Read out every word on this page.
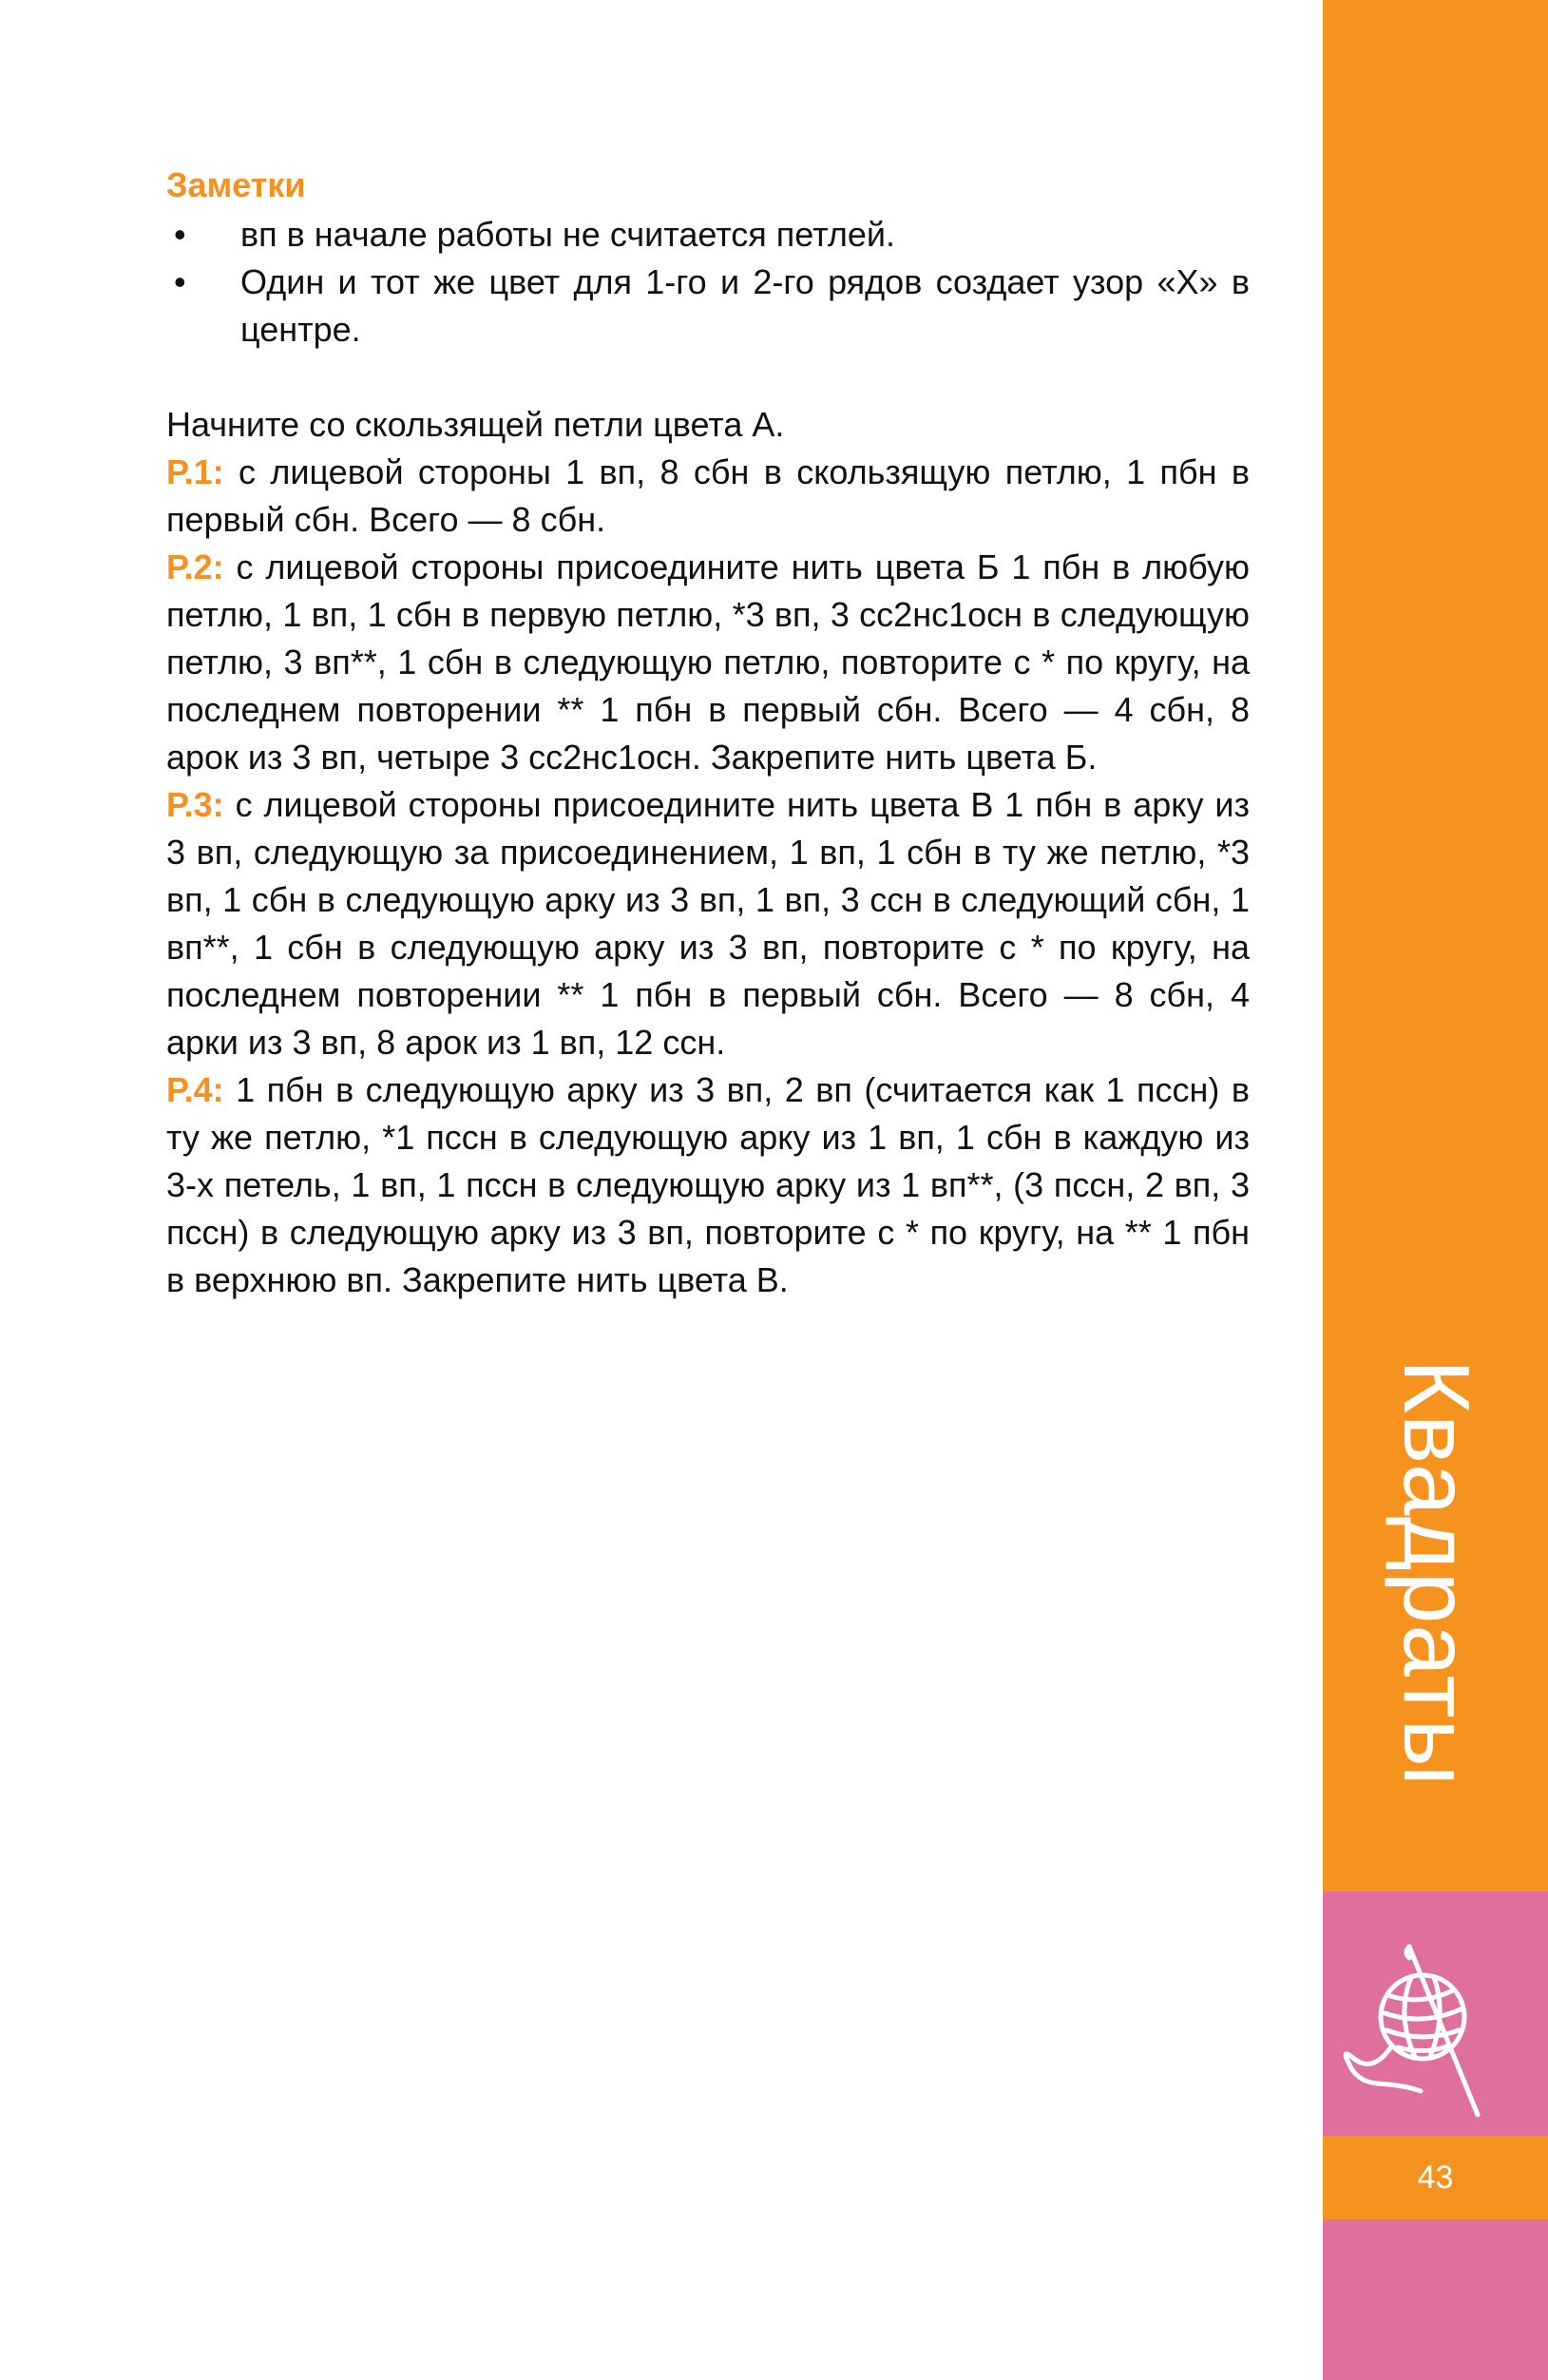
Заметки
• вп в начале работы не считается петлей.
• Один и тот же цвет для 1-го и 2-го рядов создает узор «Х» в центре.

Начните со скользящей петли цвета А.

Р.1: с лицевой стороны 1 вп, 8 сбн в скользящую петлю, 1 пбн в первый сбн. Всего — 8 сбн.

Р.2: с лицевой стороны присоедините нить цвета Б 1 пбн в любую петлю, 1 вп, 1 сбн в первую петлю, *3 вп, 3 сс2нс1осн в следующую петлю, 3 вп**, 1 сбн в следующую петлю, повторите с * по кругу, на последнем повторении ** 1 пбн в первый сбн. Всего — 4 сбн, 8 арок из 3 вп, четыре 3 сс2нс1осн. Закрепите нить цвета Б.

Р.3: с лицевой стороны присоедините нить цвета В 1 пбн в арку из 3 вп, следующую за присоединением, 1 вп, 1 сбн в ту же петлю, *3 вп, 1 сбн в следующую арку из 3 вп, 1 вп, 3 ссн в следующий сбн, 1 вп**, 1 сбн в следующую арку из 3 вп, повторите с * по кругу, на последнем повторении ** 1 пбн в первый сбн. Всего — 8 сбн, 4 арки из 3 вп, 8 арок из 1 вп, 12 ссн.

Р.4: 1 пбн в следующую арку из 3 вп, 2 вп (считается как 1 пссн) в ту же петлю, *1 пссн в следующую арку из 1 вп, 1 сбн в каждую из 3-х петель, 1 вп, 1 пссн в следующую арку из 1 вп**, (3 пссн, 2 вп, 3 пссн) в следующую арку из 3 вп, повторите с * по кругу, на ** 1 пбн в верхнюю вп. Закрепите нить цвета В.

Квадраты
43
